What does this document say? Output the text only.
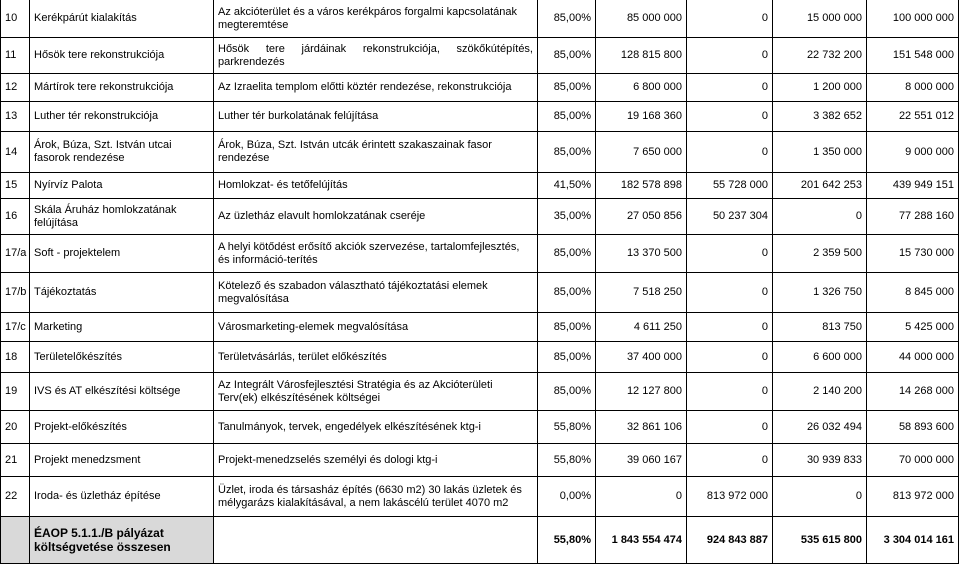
10	Kerékpárút kialakítás	Az akcióterület és a város kerékpáros forgalmi kapcsolatának megteremtése	85,00%	85 000 000	0	15 000 000	100 000 000
11	Hősök tere rekonstrukciója	Hősök tere járdáinak rekonstrukciója, szökőkútépítés, parkrendezés	85,00%	128 815 800	0	22 732 200	151 548 000
12	Mártírok tere rekonstrukciója	Az Izraelita templom előtti köztér rendezése, rekonstrukciója	85,00%	6 800 000	0	1 200 000	8 000 000
13	Luther tér rekonstrukciója	Luther tér burkolatának felújítása	85,00%	19 168 360	0	3 382 652	22 551 012
14	Árok, Búza, Szt. István utcai fasorok rendezése	Árok, Búza, Szt. István utcák érintett szakaszainak fasor rendezése	85,00%	7 650 000	0	1 350 000	9 000 000
15	Nyírvíz Palota	Homlokzat- és tetőfelújítás	41,50%	182 578 898	55 728 000	201 642 253	439 949 151
16	Skála Áruház homlokzatának felújítása	Az üzletház elavult homlokzatának cseréje	35,00%	27 050 856	50 237 304	0	77 288 160
17/a	Soft - projektelem	A helyi kötődést erősítő akciók szervezése, tartalomfejlesztés, és információ-terítés	85,00%	13 370 500	0	2 359 500	15 730 000
17/b	Tájékoztatás	Kötelező és szabadon választható tájékoztatási elemek megvalósítása	85,00%	7 518 250	0	1 326 750	8 845 000
17/c	Marketing	Városmarketing-elemek megvalósítása	85,00%	4 611 250	0	813 750	5 425 000
18	Területelőkészítés	Területvásárlás, terület előkészítés	85,00%	37 400 000	0	6 600 000	44 000 000
19	IVS és AT elkészítési költsége	Az Integrált Városfejlesztési Stratégia és az Akcióterületi Terv(ek) elkészítésének költségei	85,00%	12 127 800	0	2 140 200	14 268 000
20	Projekt-előkészítés	Tanulmányok, tervek, engedélyek elkészítésének ktg-i	55,80%	32 861 106	0	26 032 494	58 893 600
21	Projekt menedzsment	Projekt-menedzselés személyi és dologi ktg-i	55,80%	39 060 167	0	30 939 833	70 000 000
22	Iroda- és üzletház építése	Üzlet, iroda és társasház építés (6630 m2) 30 lakás üzletek és mélygarázs kialakításával, a nem lakáscélú terület 4070 m2	0,00%	0	813 972 000	0	813 972 000
	ÉAOP 5.1.1./B pályázat költségvetése összesen		55,80%	1 843 554 474	924 843 887	535 615 800	3 304 014 161
